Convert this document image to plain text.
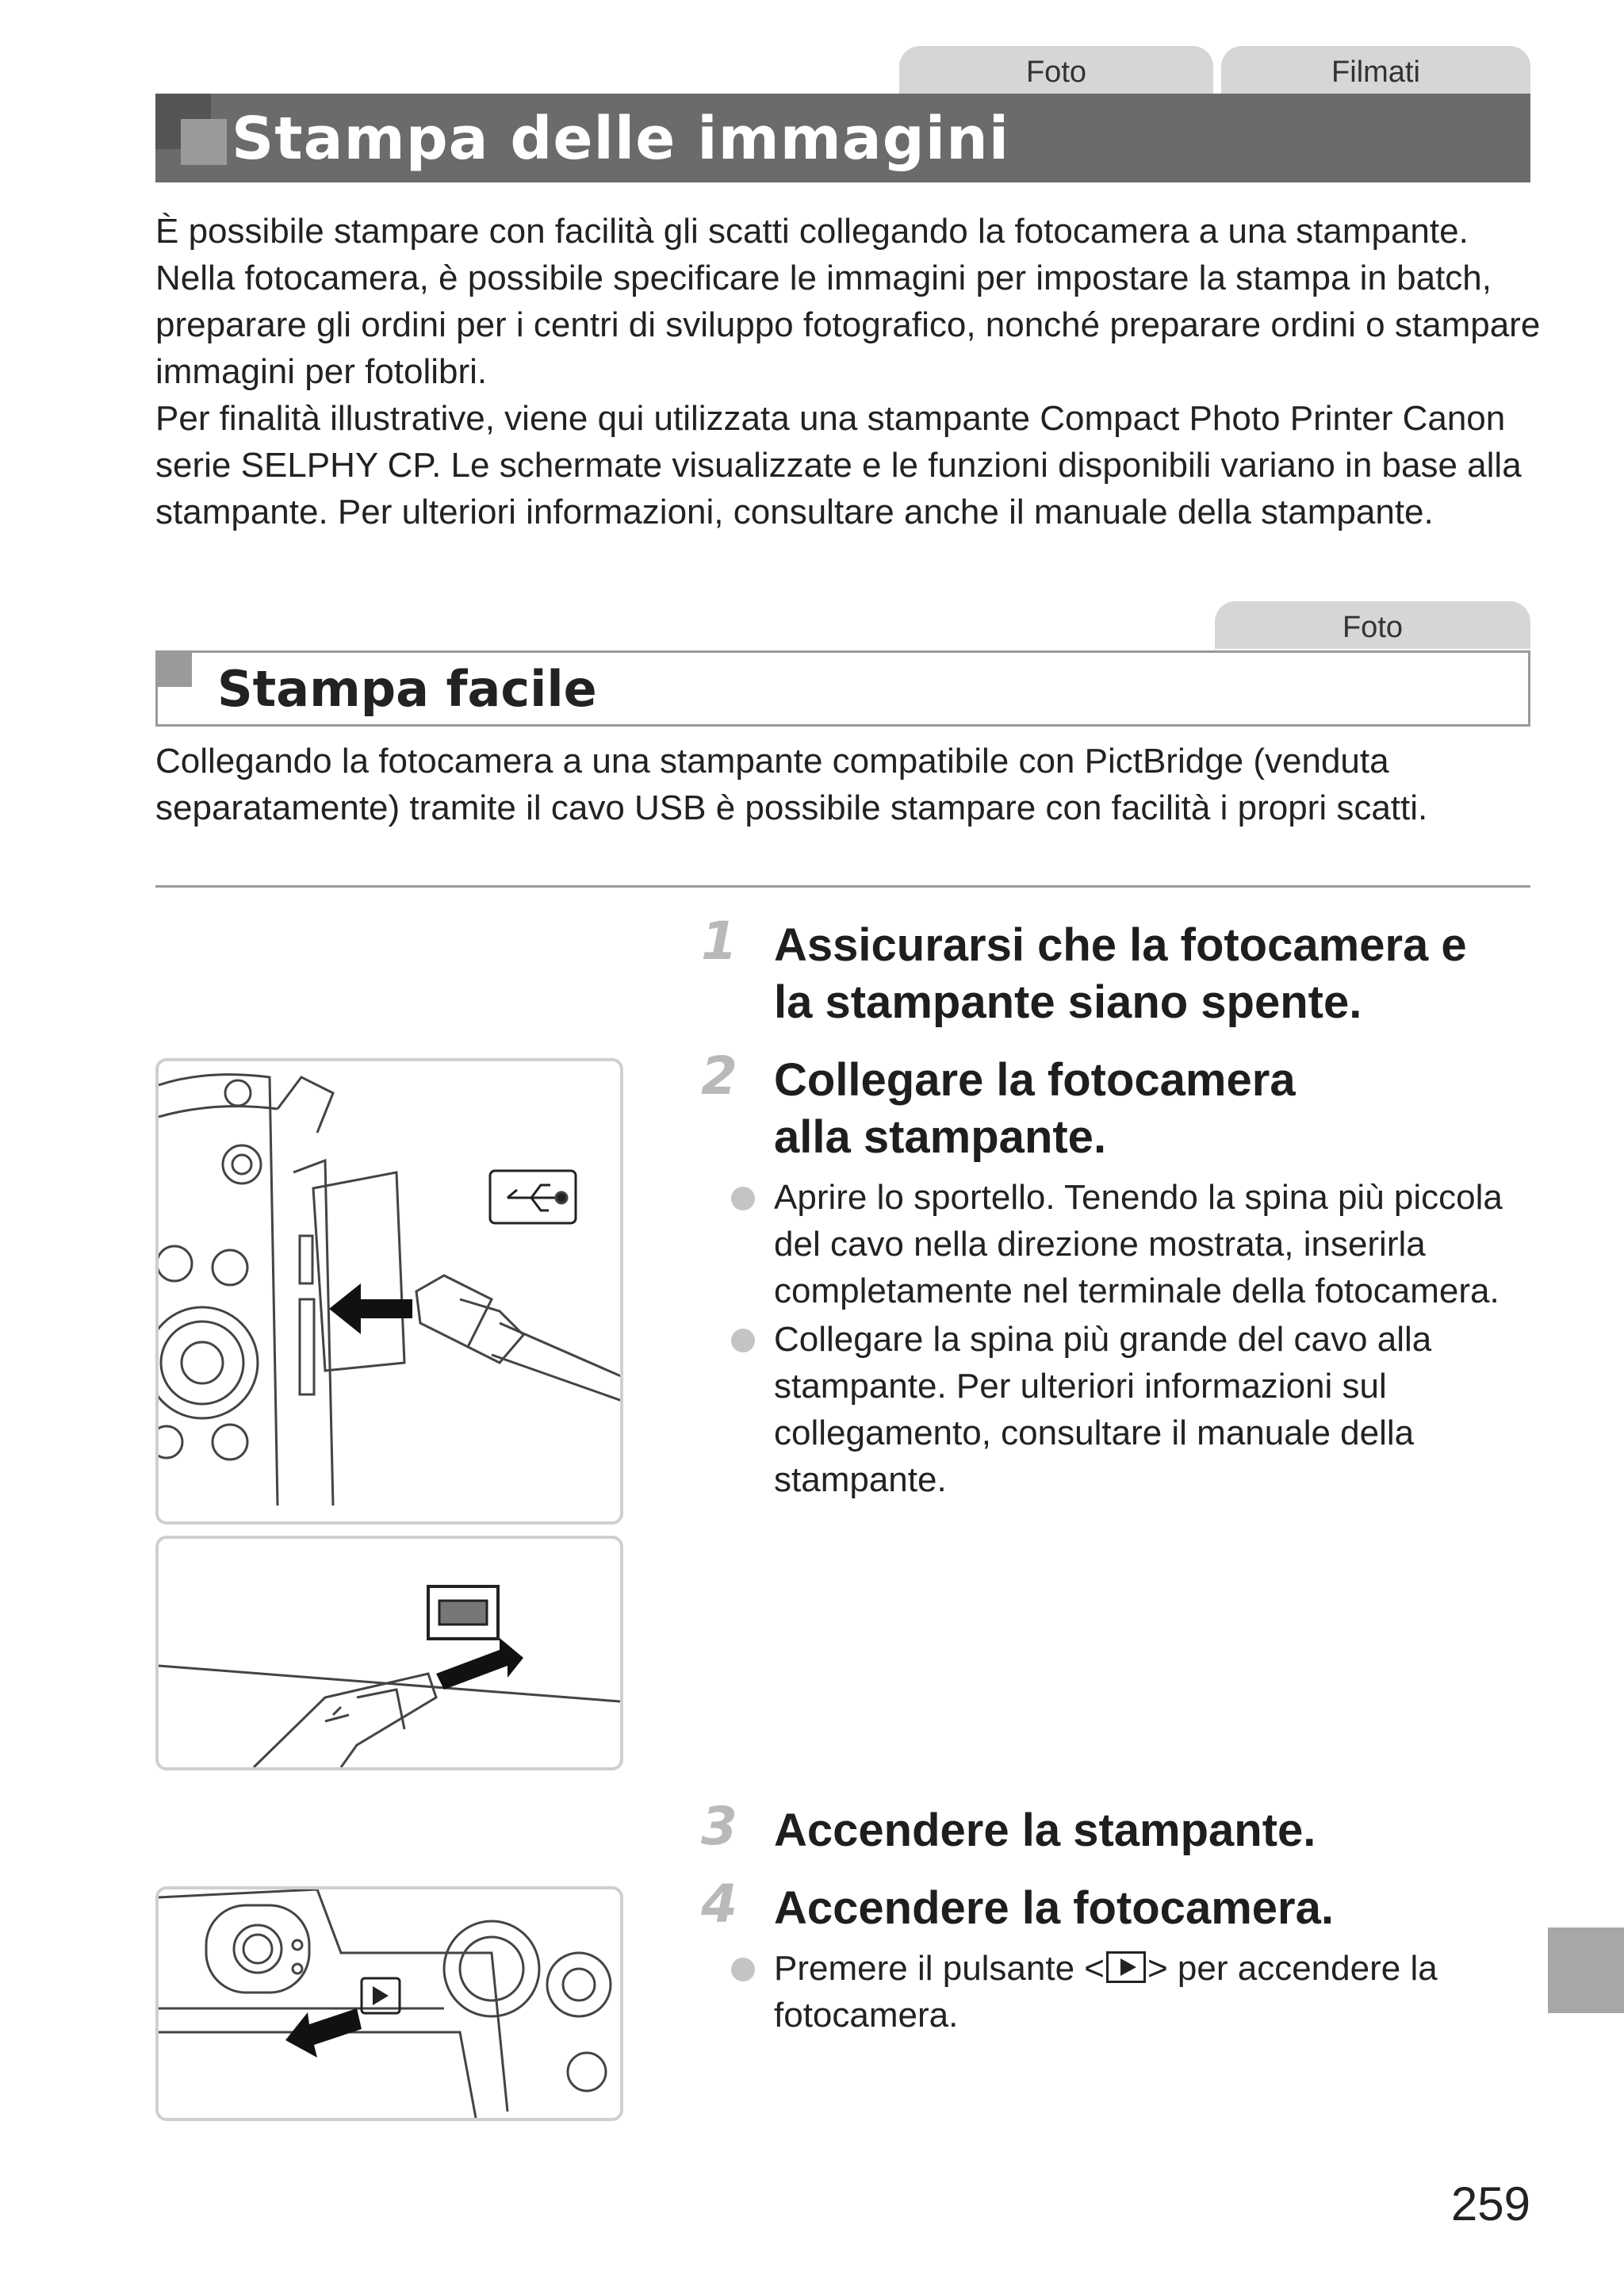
Foto	Filmati
Stampa delle immagini

È possibile stampare con facilità gli scatti collegando la fotocamera a una stampante. Nella fotocamera, è possibile specificare le immagini per impostare la stampa in batch, preparare gli ordini per i centri di sviluppo fotografico, nonché preparare ordini o stampare immagini per fotolibri.

Per finalità illustrative, viene qui utilizzata una stampante Compact Photo Printer Canon serie SELPHY CP. Le schermate visualizzate e le funzioni disponibili variano in base alla stampante. Per ulteriori informazioni, consultare anche il manuale della stampante.

Foto
Stampa facile

Collegando la fotocamera a una stampante compatibile con PictBridge (venduta separatamente) tramite il cavo USB è possibile stampare con facilità i propri scatti.

1 Assicurarsi che la fotocamera e la stampante siano spente.
2 Collegare la fotocamera alla stampante.
Aprire lo sportello. Tenendo la spina più piccola del cavo nella direzione mostrata, inserirla completamente nel terminale della fotocamera.
Collegare la spina più grande del cavo alla stampante. Per ulteriori informazioni sul collegamento, consultare il manuale della stampante.
3 Accendere la stampante.
4 Accendere la fotocamera.
Premere il pulsante < > per accendere la fotocamera.

259
